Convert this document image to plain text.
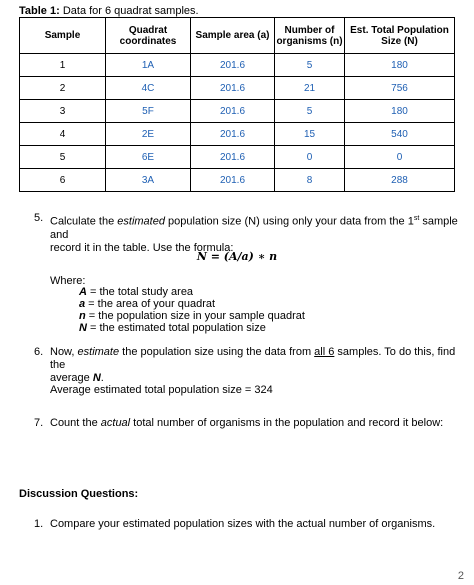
Table 1: Data for 6 quadrat samples.
Sample	Quadrat coordinates	Sample area (a)	Number of organisms (n)	Est. Total Population Size (N)
1	1A	201.6	5	180
2	4C	201.6	21	756
3	5F	201.6	5	180
4	2E	201.6	15	540
5	6E	201.6	0	0
6	3A	201.6	8	288
5. Calculate the estimated population size (N) using only your data from the 1st sample and
record it in the table. Use the formula:
N = (A/a) ∗ n
Where:
A = the total study area
a = the area of your quadrat
n = the population size in your sample quadrat
N = the estimated total population size
6. Now, estimate the population size using the data from all 6 samples. To do this, find the
average N.
Average estimated total population size = 324
7. Count the actual total number of organisms in the population and record it below:
Discussion Questions:
1. Compare your estimated population sizes with the actual number of organisms.
2
